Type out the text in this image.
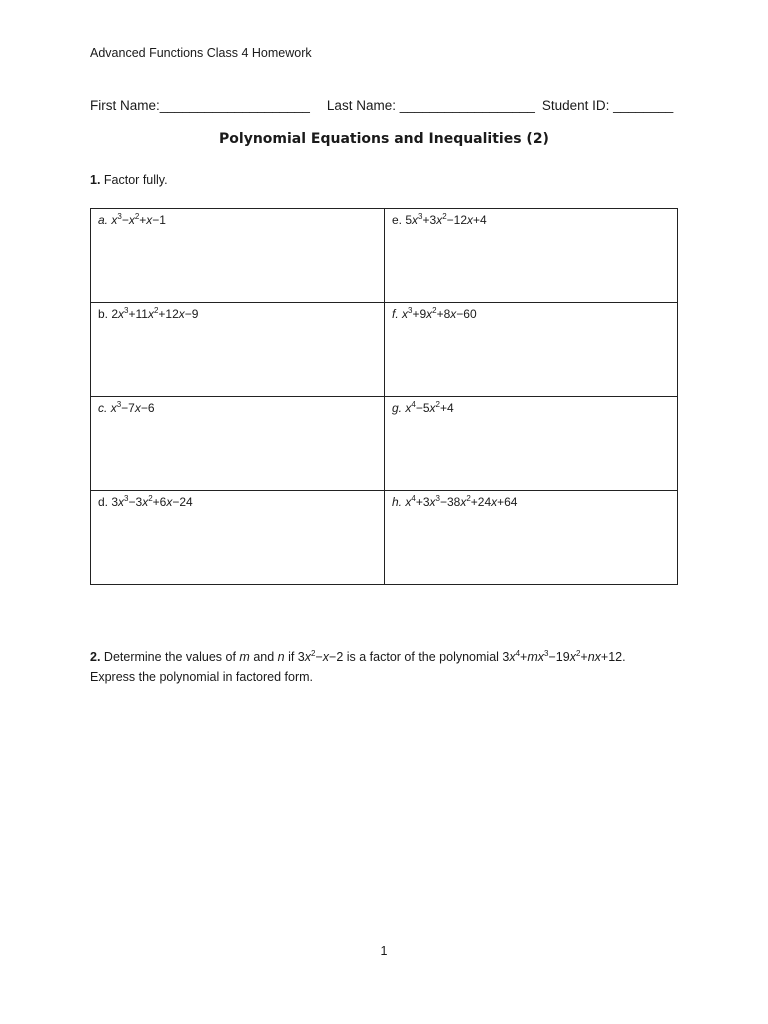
Advanced Functions Class 4 Homework
First Name:____________________ Last Name: __________________ Student ID: ________
Polynomial Equations and Inequalities (2)
1. Factor fully.
a. $x^3-x^2+x-1$	e. $5x^3+3x^2-12x+4$
b. $2x^3+11x^2+12x-9$	f. $x^3+9x^2+8x-60$
c. $x^3-7x-6$	g. $x^4-5x^2+4$
d. $3x^3-3x^2+6x-24$	h. $x^4+3x^3-38x^2+24x+64$
2. Determine the values of m and n if $3x^2-x-2$ is a factor of the polynomial $3x^4+mx^3-19x^2+nx+12$.
Express the polynomial in factored form.
1
